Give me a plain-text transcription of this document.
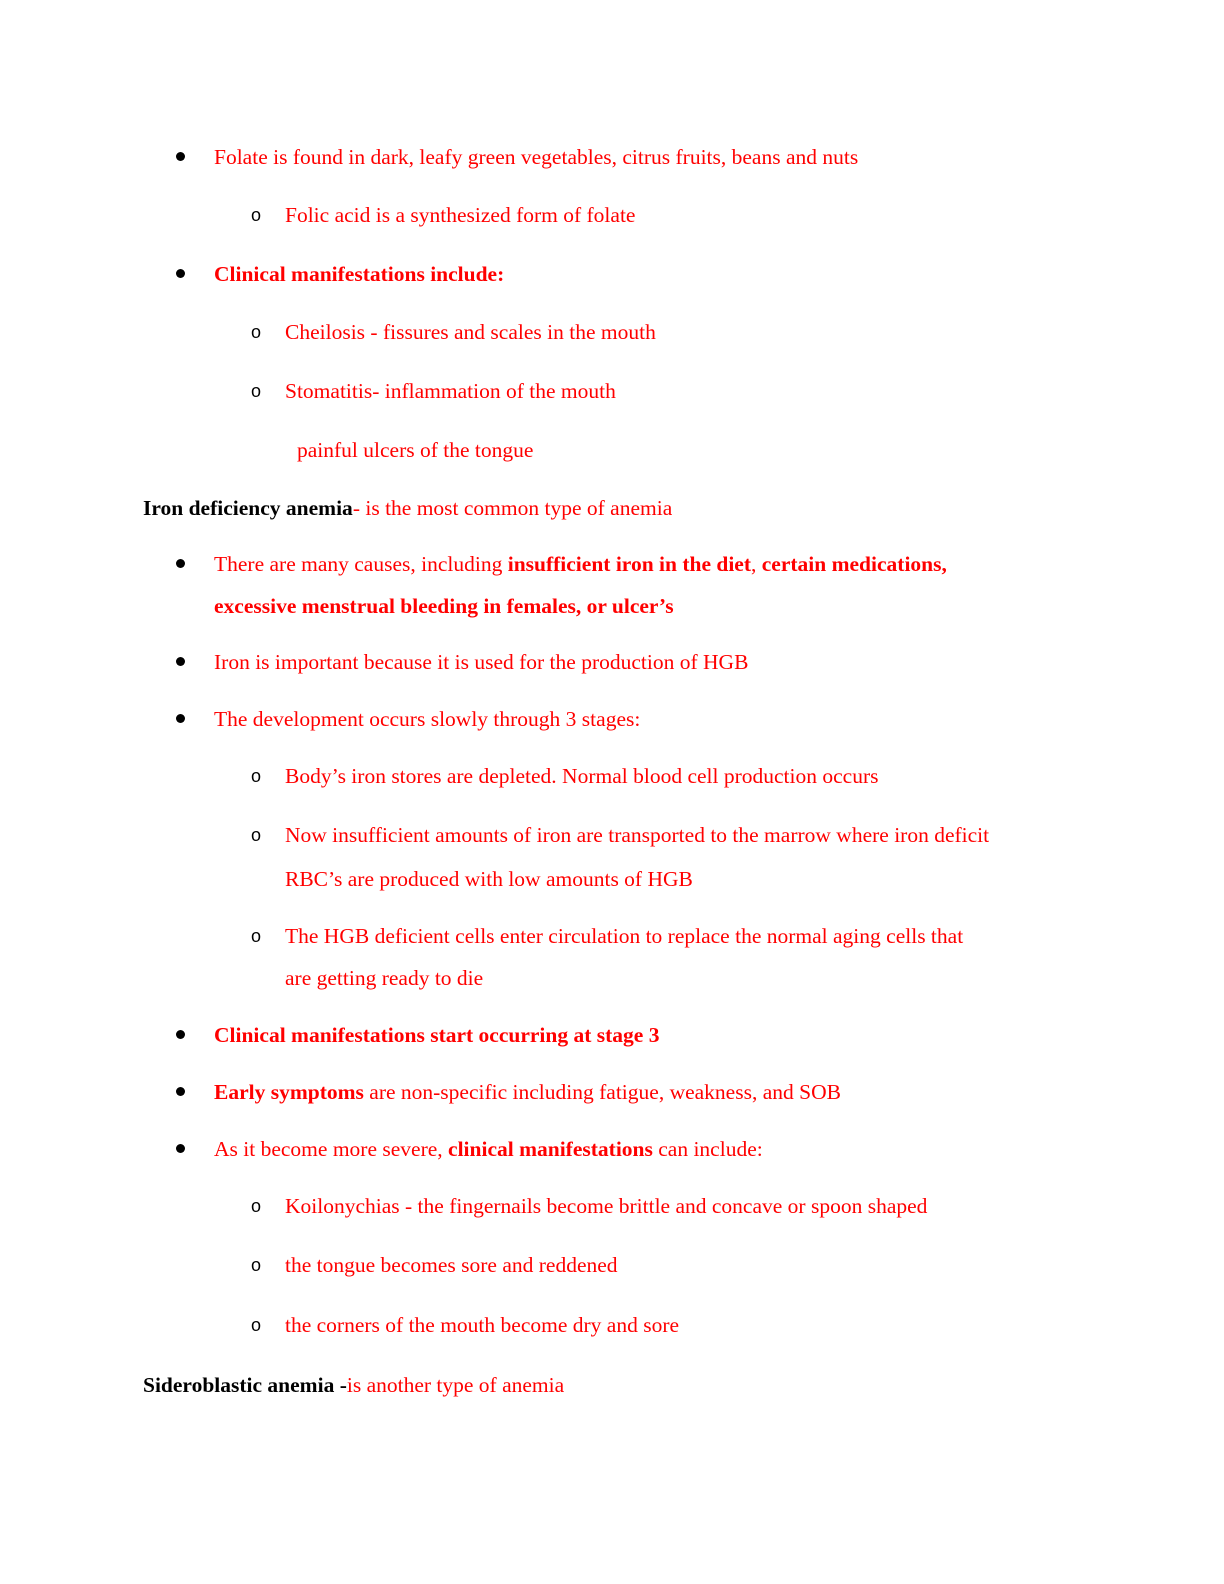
Folate is found in dark, leafy green vegetables, citrus fruits, beans and nuts
o Folic acid is a synthesized form of folate
Clinical manifestations include:
o Cheilosis - fissures and scales in the mouth
o Stomatitis- inflammation of the mouth
painful ulcers of the tongue
Iron deficiency anemia- is the most common type of anemia
There are many causes, including insufficient iron in the diet, certain medications,
excessive menstrual bleeding in females, or ulcer’s
Iron is important because it is used for the production of HGB
The development occurs slowly through 3 stages:
o Body’s iron stores are depleted. Normal blood cell production occurs
o Now insufficient amounts of iron are transported to the marrow where iron deficit
RBC’s are produced with low amounts of HGB
o The HGB deficient cells enter circulation to replace the normal aging cells that
are getting ready to die
Clinical manifestations start occurring at stage 3
Early symptoms are non-specific including fatigue, weakness, and SOB
As it become more severe, clinical manifestations can include:
o Koilonychias - the fingernails become brittle and concave or spoon shaped
o the tongue becomes sore and reddened
o the corners of the mouth become dry and sore
Sideroblastic anemia -is another type of anemia
